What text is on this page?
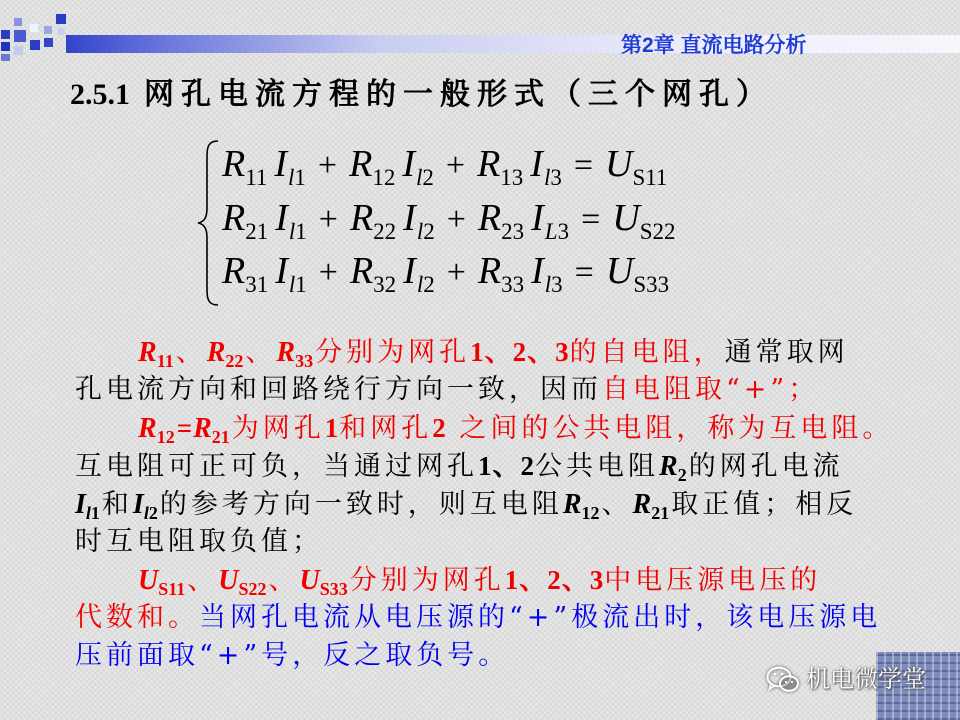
第2章 直流电路分析
2.5.1 网孔电流方程的一般形式（三个网孔）
$R_{11}$ $I_{l1} + R_{12}$ $I_{l2} + R_{13}$ $I_{l3} = U_{S11}$
$R_{21}$ $I_{l1} + R_{22}$ $I_{l2} + R_{23}$ $I_{L3} = U_{S22}$
$R_{31}$ $I_{l1} + R_{32}$ $I_{l2} + R_{33}$ $I_{l3} = U_{S33}$
$R_{11}$、$R_{22}$、$R_{33}$分别为网孔1、2、3的自电阻，通常取网
孔电流方向和回路绕行方向一致，因而自电阻取“+”；
$R_{12}=R_{21}$为网孔1和网孔2 之间的公共电阻，称为互电阻。
互电阻可正可负，当通过网孔1、2公共电阻$R_2$的网孔电流
$I_{l1}$和$I_{l2}$的参考方向一致时，则互电阻$R_{12}$、$R_{21}$取正值；相反
时互电阻取负值；
$U_{S11}$、$U_{S22}$、$U_{S33}$分别为网孔1、2、3中电压源电压的
代数和。当网孔电流从电压源的“+”极流出时，该电压源电
压前面取“+”号，反之取负号。
机电微学堂
